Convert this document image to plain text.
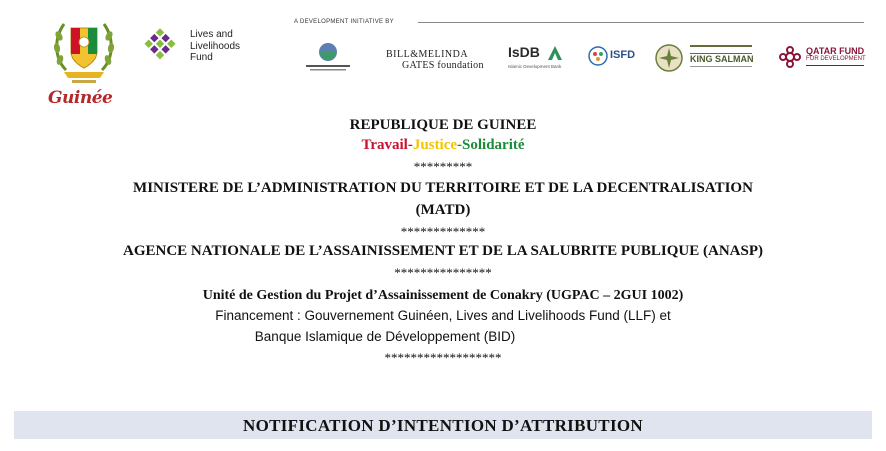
Guinée
Lives and
Livelihoods
Fund
A DEVELOPMENT INITIATIVE BY
BILL&MELINDA
GATES foundation
IsDB
Islamic Development Bank
ISFD	KING SALMAN
QATAR FUND
FOR DEVELOPMENT
REPUBLIQUE DE GUINEE
Travail-Justice-Solidarité
*********
MINISTERE DE L’ADMINISTRATION DU TERRITOIRE ET DE LA DECENTRALISATION
(MATD)
*************
AGENCE NATIONALE DE L’ASSAINISSEMENT ET DE LA SALUBRITE PUBLIQUE (ANASP)
***************
Unité de Gestion du Projet d’Assainissement de Conakry (UGPAC – 2GUI 1002)
Financement : Gouvernement Guinéen, Lives and Livelihoods Fund (LLF) et
Banque Islamique de Développement (BID)
******************
NOTIFICATION D’INTENTION D’ATTRIBUTION
